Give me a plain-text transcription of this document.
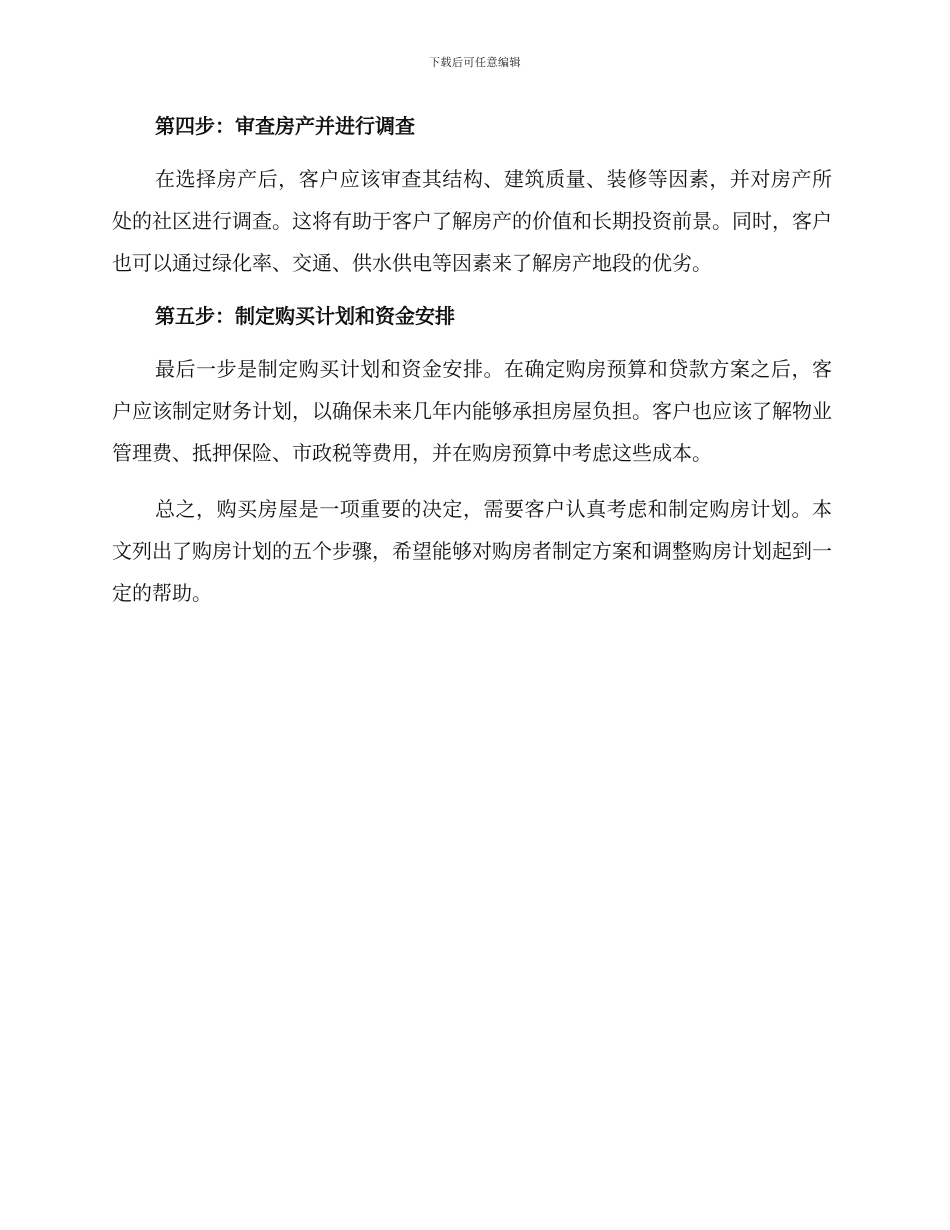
下载后可任意编辑
第四步：审查房产并进行调查

在选择房产后，客户应该审查其结构、建筑质量、装修等因素，并对房产所处的社区进行调查。这将有助于客户了解房产的价值和长期投资前景。同时，客户也可以通过绿化率、交通、供水供电等因素来了解房产地段的优劣。

第五步：制定购买计划和资金安排

最后一步是制定购买计划和资金安排。在确定购房预算和贷款方案之后，客户应该制定财务计划，以确保未来几年内能够承担房屋负担。客户也应该了解物业管理费、抵押保险、市政税等费用，并在购房预算中考虑这些成本。

总之，购买房屋是一项重要的决定，需要客户认真考虑和制定购房计划。本文列出了购房计划的五个步骤，希望能够对购房者制定方案和调整购房计划起到一定的帮助。
